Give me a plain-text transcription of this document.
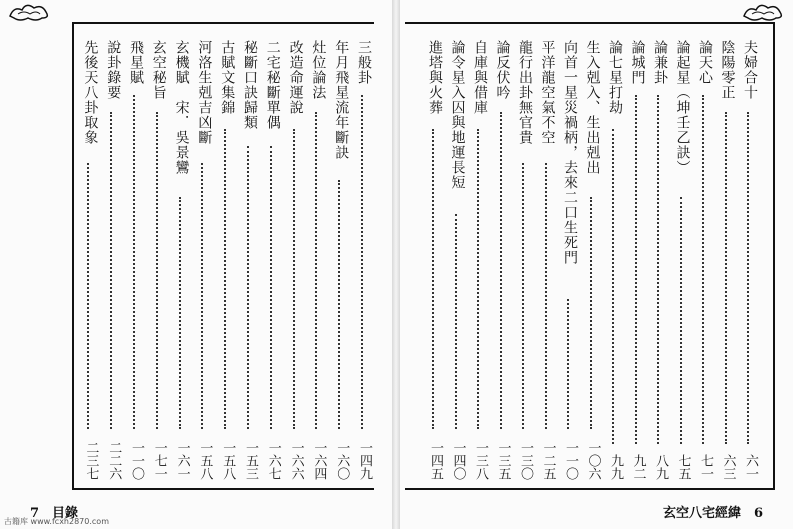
三般卦
一四九
年月飛星流年斷訣
一六〇
灶位論法
一六四
改造命運說
一六六
二宅秘斷單偶
一六七
秘斷口訣歸類
一五三
古賦文集錦
一五八
河洛生剋吉凶斷
一五八
玄機賦　宋．吳景鸞
一六一
玄空秘旨
一七一
飛星賦
一一〇
說卦錄要
二二六
先後天八卦取象
二三七
夫婦合十
六一
陰陽零正
六三
論天心
七一
論起星（坤壬乙訣）
七五
論兼卦
八九
論城門
九二
論七星打劫
九九
生入剋入、生出剋出
一〇六
向首一星災禍柄，去來二口生死門
一一〇
平洋龍空氣不空
一二五
龍行出卦無官貴
一三〇
論反伏吟
一三五
自庫與借庫
一三八
論令星入囚與地運長短
一四〇
進塔與火葬
一四五
7　目錄	玄空八宅經緯　6
古籍库 www.fcxh2870.com
